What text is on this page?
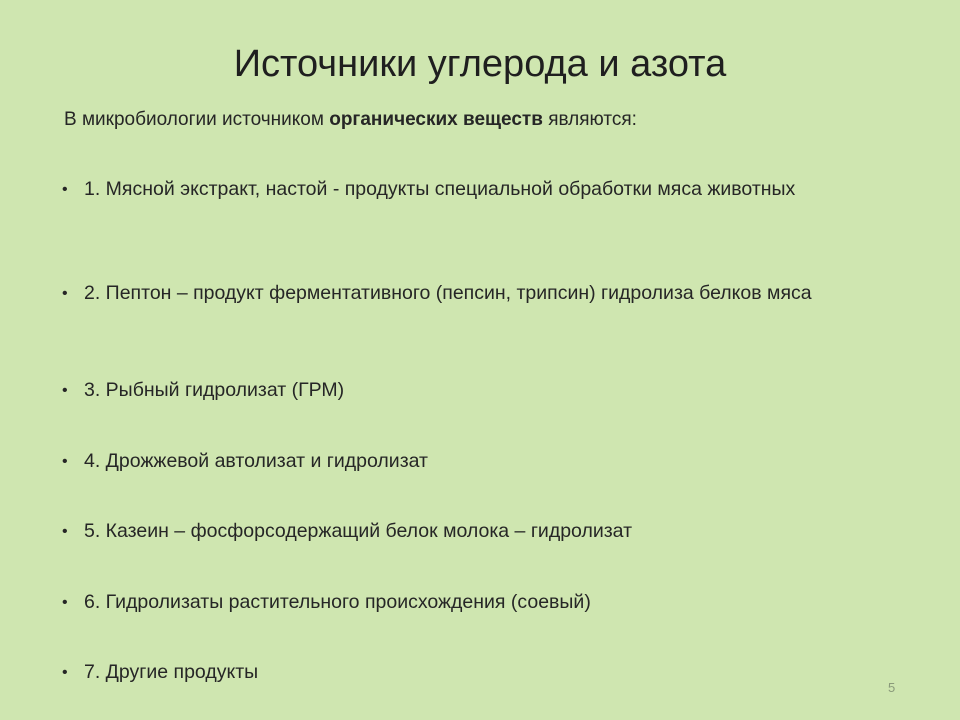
Источники углерода и азота
В микробиологии источником органических веществ являются:
• 1. Мясной экстракт, настой - продукты специальной обработки мяса животных
• 2. Пептон – продукт ферментативного (пепсин, трипсин) гидролиза белков мяса
• 3. Рыбный гидролизат (ГРМ)
• 4. Дрожжевой автолизат и гидролизат
• 5. Казеин – фосфорсодержащий белок молока – гидролизат
• 6. Гидролизаты растительного происхождения (соевый)
• 7. Другие продукты
5
